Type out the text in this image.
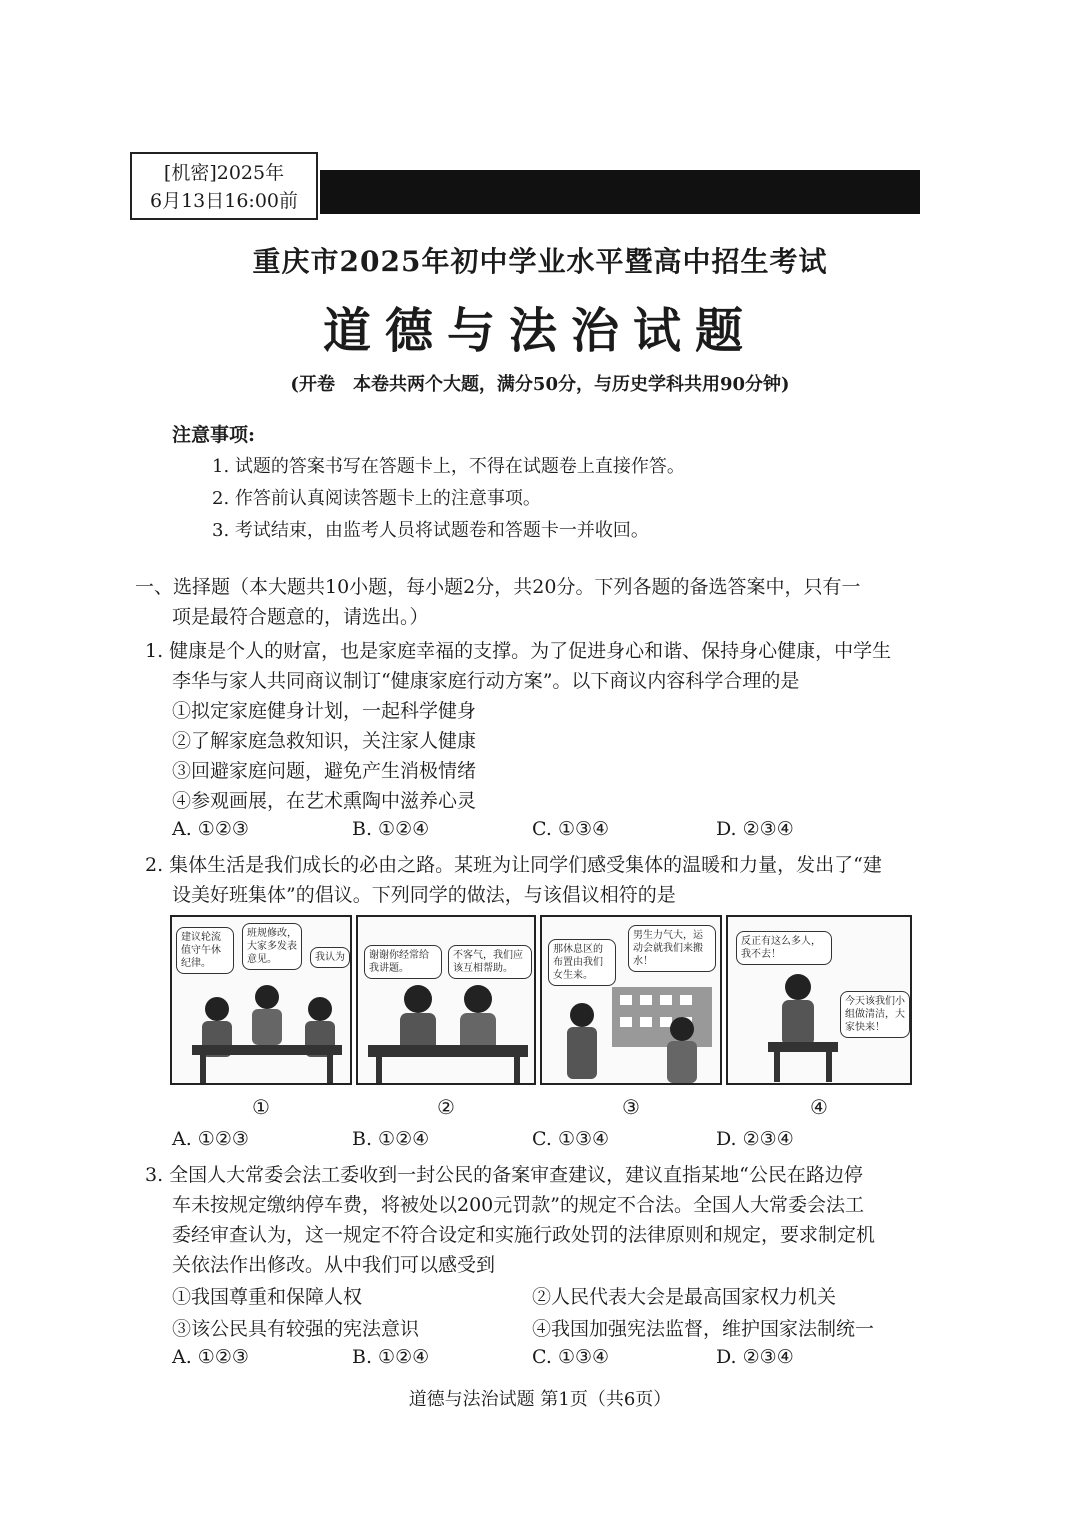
[机密]2025年
6月13日16:00前
重庆市2025年初中学业水平暨高中招生考试
道德与法治试题
(开卷　本卷共两个大题，满分50分，与历史学科共用90分钟)
注意事项:
1. 试题的答案书写在答题卡上，不得在试题卷上直接作答。
2. 作答前认真阅读答题卡上的注意事项。
3. 考试结束，由监考人员将试题卷和答题卡一并收回。
一、选择题（本大题共10小题，每小题2分，共20分。下列各题的备选答案中，只有一
项是最符合题意的，请选出。）
1. 健康是个人的财富，也是家庭幸福的支撑。为了促进身心和谐、保持身心健康，中学生
李华与家人共同商议制订“健康家庭行动方案”。以下商议内容科学合理的是
①拟定家庭健身计划，一起科学健身
②了解家庭急救知识，关注家人健康
③回避家庭问题，避免产生消极情绪
④参观画展，在艺术熏陶中滋养心灵
A. ①②③	B. ①②④	C. ①③④	D. ②③④
2. 集体生活是我们成长的必由之路。某班为让同学们感受集体的温暖和力量，发出了“建
设美好班集体”的倡议。下列同学的做法，与该倡议相符的是
建议轮流值守午休纪律。
班规修改，大家多发表意见。	我认为	谢谢你经常给我讲题。
不客气，我们应该互相帮助。
那休息区的布置由我们女生来。
男生力气大，运动会就我们来搬水！
反正有这么多人，我不去！
今天该我们小组做清洁，大家快来！
①	②	③	④
A. ①②③	B. ①②④	C. ①③④	D. ②③④
3. 全国人大常委会法工委收到一封公民的备案审查建议，建议直指某地“公民在路边停
车未按规定缴纳停车费，将被处以200元罚款”的规定不合法。全国人大常委会法工
委经审查认为，这一规定不符合设定和实施行政处罚的法律原则和规定，要求制定机
关依法作出修改。从中我们可以感受到
①我国尊重和保障人权	②人民代表大会是最高国家权力机关
③该公民具有较强的宪法意识	④我国加强宪法监督，维护国家法制统一
A. ①②③	B. ①②④	C. ①③④	D. ②③④
道德与法治试题 第1页（共6页）
